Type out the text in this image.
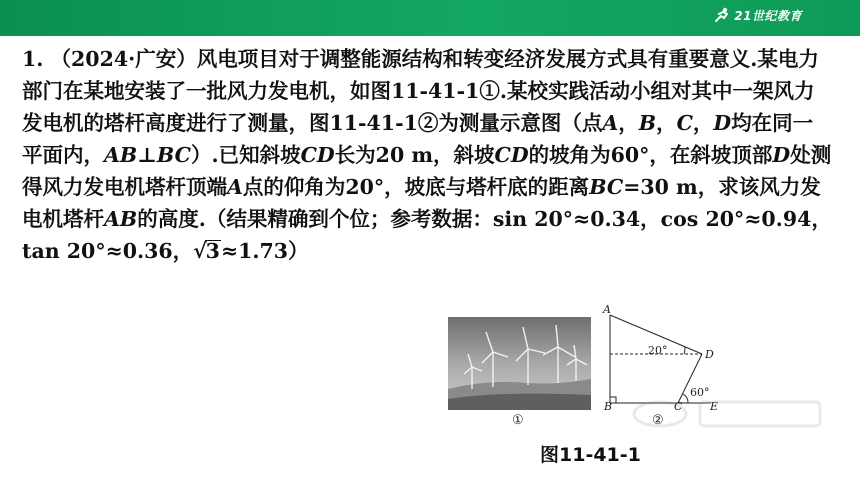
21世纪教育

1. （2024·广安）风电项目对于调整能源结构和转变经济发展方式具有重要意义.某电力部门在某地安装了一批风力发电机，如图11-41-1①.某校实践活动小组对其中一架风力发电机的塔杆高度进行了测量，图11-41-1②为测量示意图（点A，B，C，D均在同一平面内，AB⊥BC）.已知斜坡CD长为20 m，斜坡CD的坡角为60°，在斜坡顶部D处测得风力发电机塔杆顶端A点的仰角为20°，坡底与塔杆底的距离BC=30 m，求该风力发电机塔杆AB的高度.（结果精确到个位；参考数据：sin 20°≈0.34，cos 20°≈0.94，tan 20°≈0.36，√3≈1.73）

①
A
B	C
D
E
20°
60°
②
图11-41-1
